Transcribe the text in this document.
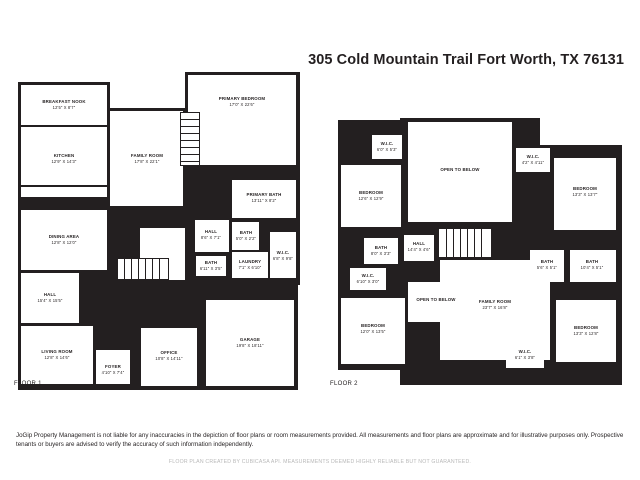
305 Cold Mountain Trail Fort Worth, TX 76131
BREAKFAST NOOK
12'5" X 8'7"
KITCHEN
12'9" X 14'3"
FAMILY ROOM
17'8" X 22'1"
PRIMARY BEDROOM
17'0" X 22'6"
PRIMARY BATH
13'11" X 8'2"
HALL
8'6" X 7'1"
BATH
5'0" X 2'2"
LAUNDRY
7'1" X 6'10"
W.I.C.
6'8" X 9'8"
DINING AREA
12'8" X 12'0"
BATH
6'11" X 3'5"
HALL
15'4" X 15'5"
OFFICE
10'8" X 14'11"
GARAGE
19'8" X 18'11"
LIVING ROOM
12'8" X 14'6"
FOYER
4'10" X 7'4"
W.I.C.
6'0" X 5'3"
OPEN TO BELOW
BEDROOM
12'6" X 12'9"
W.I.C.
4'2" X 4'11"
BEDROOM
13'3" X 13'7"
BATH
8'0" X 3'3"
HALL
14'4" X 4'6"
BATH
5'6" X 5'1"
BATH
10'4" X 5'1"
W.I.C.
6'10" X 3'0"
FAMILY ROOM
23'7" X 16'8"
BEDROOM
12'0" X 13'5"
OPEN TO BELOW
BEDROOM
13'3" X 12'8"
W.I.C.
6'1" X 3'8"
FLOOR 1	FLOOR 2
JoGip Property Management is not liable for any inaccuracies in the depiction of floor plans or room measurements provided. All measurements and floor plans are approximate and for illustrative purposes only. Prospective tenants or buyers are advised to verify the accuracy of such information independently.
FLOOR PLAN CREATED BY CUBICASA API. MEASUREMENTS DEEMED HIGHLY RELIABLE BUT NOT GUARANTEED.
